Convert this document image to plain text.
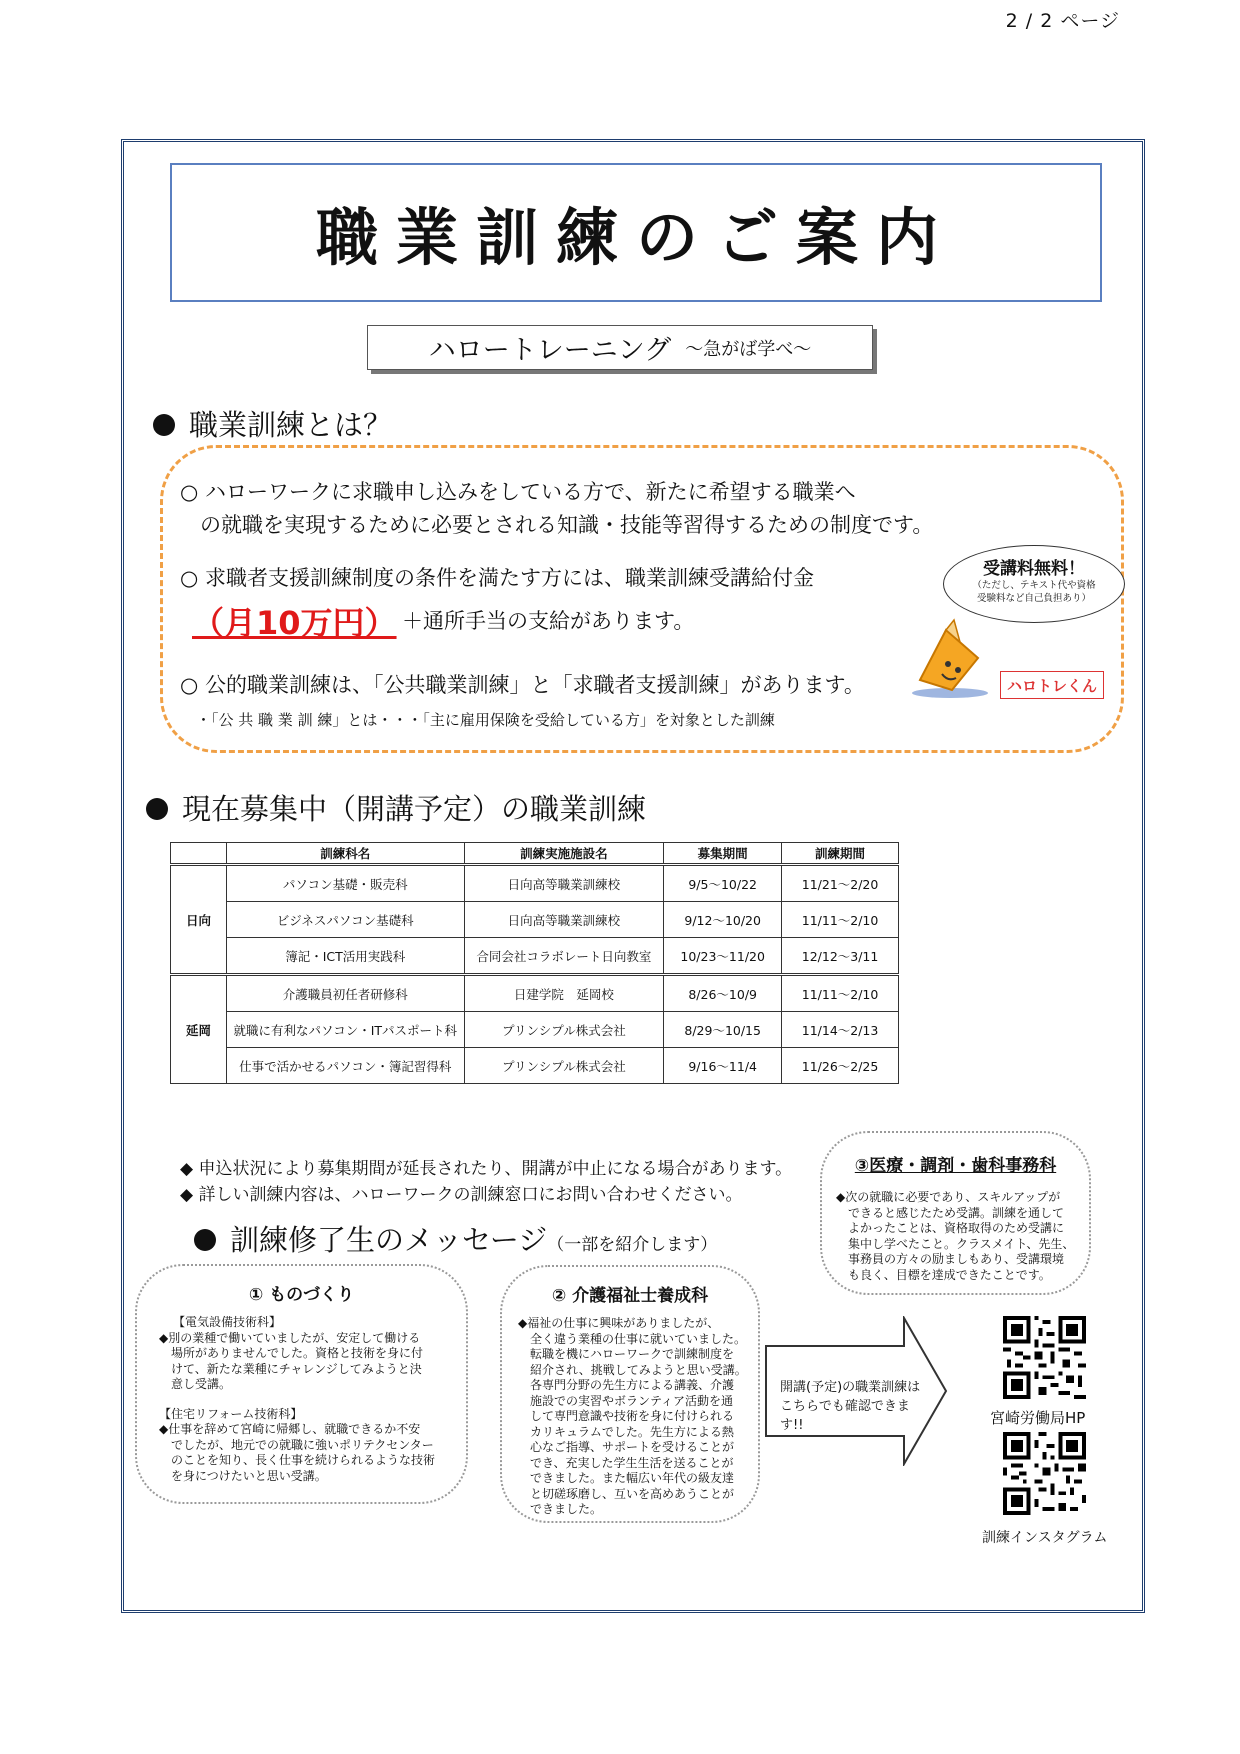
2 / 2 ページ
職業訓練のご案内
ハロートレーニング ～急がば学べ～
職業訓練とは？
○ ハローワークに求職申し込みをしている方で、新たに希望する職業へ
の就職を実現するために必要とされる知識・技能等習得するための制度です。
○ 求職者支援訓練制度の条件を満たす方には、職業訓練受講給付金
（月10万円） ＋通所手当の支給があります。
○ 公的職業訓練は、「公共職業訓練」と「求職者支援訓練」があります。
・「公 共 職 業 訓 練」とは・・・「主に雇用保険を受給している方」を対象とした訓練
受講料無料！
（ただし、テキスト代や資格
受験料など自己負担あり）
ハロトレくん
現在募集中（開講予定）の職業訓練
	訓練科名	訓練実施施設名	募集期間	訓練期間
日向	パソコン基礎・販売科	日向高等職業訓練校	9/5～10/22	11/21～2/20
	ビジネスパソコン基礎科	日向高等職業訓練校	9/12～10/20	11/11～2/10
	簿記・ICT活用実践科	合同会社コラボレート日向教室	10/23～11/20	12/12～3/11
延岡	介護職員初任者研修科	日建学院　延岡校	8/26～10/9	11/11～2/10
	就職に有利なパソコン・ITパスポート科	プリンシプル株式会社	8/29～10/15	11/14～2/13
	仕事で活かせるパソコン・簿記習得科	プリンシプル株式会社	9/16～11/4	11/26～2/25
◆ 申込状況により募集期間が延長されたり、開講が中止になる場合があります。
◆ 詳しい訓練内容は、ハローワークの訓練窓口にお問い合わせください。
訓練修了生のメッセージ（一部を紹介します）
③医療・調剤・歯科事務科
◆次の就職に必要であり、スキルアップが
できると感じたため受講。訓練を通して
よかったことは、資格取得のため受講に
集中し学べたこと。クラスメイト、先生、
事務員の方々の励ましもあり、受講環境
も良く、目標を達成できたことです。
① ものづくり
【電気設備技術科】
◆別の業種で働いていましたが、安定して働ける
場所がありませんでした。資格と技術を身に付
けて、新たな業種にチャレンジしてみようと決
意し受講。
【住宅リフォーム技術科】
◆仕事を辞めて宮崎に帰郷し、就職できるか不安
でしたが、地元での就職に強いポリテクセンター
のことを知り、長く仕事を続けられるような技術
を身につけたいと思い受講。
② 介護福祉士養成科
◆福祉の仕事に興味がありましたが、
全く違う業種の仕事に就いていました。
転職を機にハローワークで訓練制度を
紹介され、挑戦してみようと思い受講。
各専門分野の先生方による講義、介護
施設での実習やボランティア活動を通
して専門意識や技術を身に付けられる
カリキュラムでした。先生方による熱
心なご指導、サポートを受けることが
でき、充実した学生生活を送ることが
できました。また幅広い年代の級友達
と切磋琢磨し、互いを高めあうことが
できました。
開講(予定)の職業訓練は
こちらでも確認できます!!	宮崎労働局HP
訓練インスタグラム
